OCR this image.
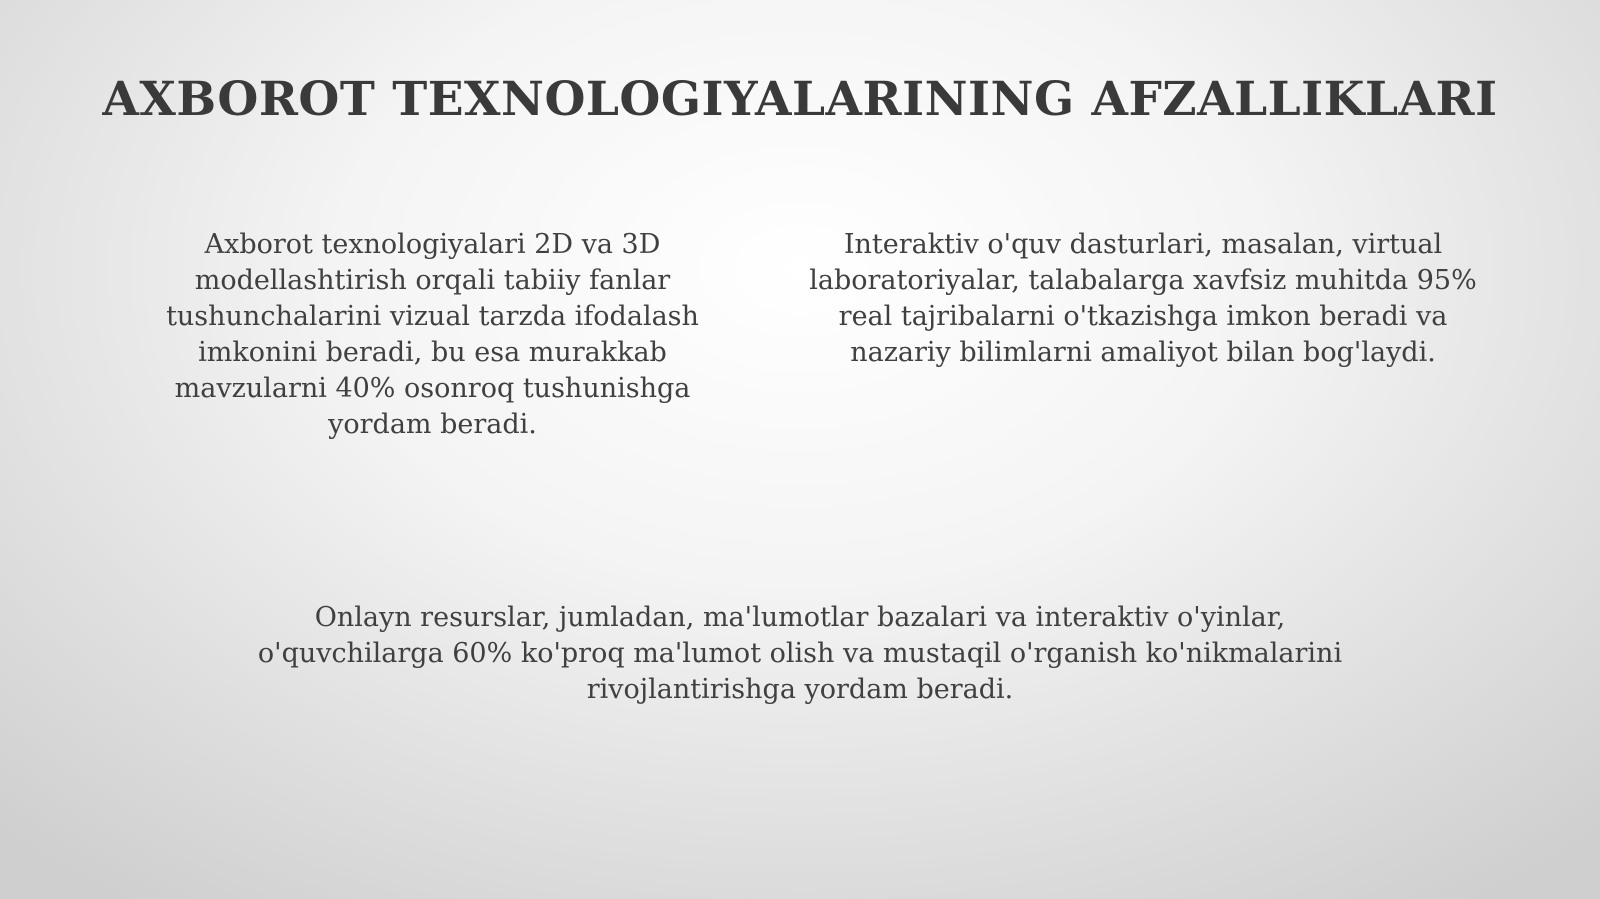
AXBOROT TEXNOLOGIYALARINING AFZALLIKLARI

Axborot texnologiyalari 2D va 3D modellashtirish orqali tabiiy fanlar tushunchalarini vizual tarzda ifodalash imkonini beradi, bu esa murakkab mavzularni 40% osonroq tushunishga yordam beradi.

Interaktiv o'quv dasturlari, masalan, virtual laboratoriyalar, talabalarga xavfsiz muhitda 95% real tajribalarni o'tkazishga imkon beradi va nazariy bilimlarni amaliyot bilan bog'laydi.

Onlayn resurslar, jumladan, ma'lumotlar bazalari va interaktiv o'yinlar, o'quvchilarga 60% ko'proq ma'lumot olish va mustaqil o'rganish ko'nikmalarini rivojlantirishga yordam beradi.
